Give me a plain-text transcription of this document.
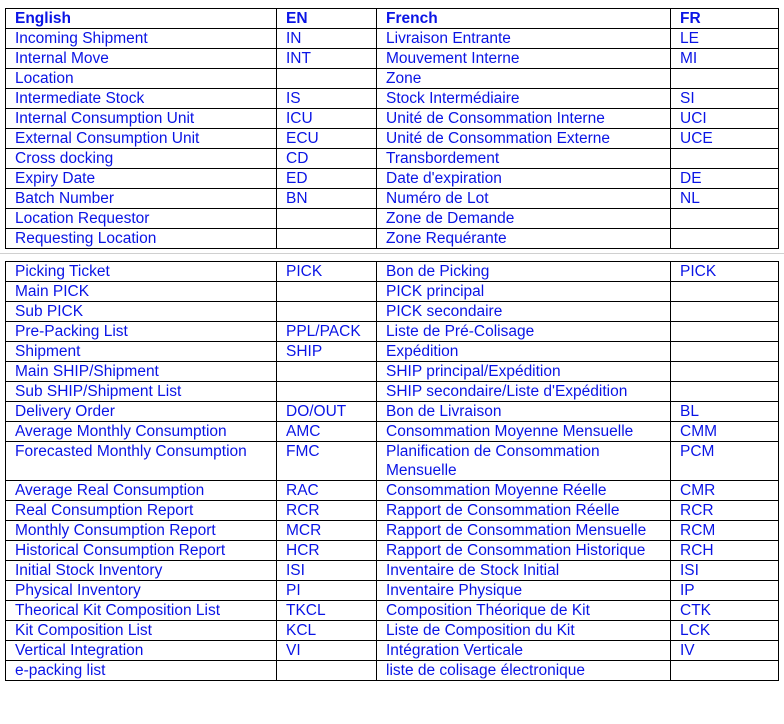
English	EN	French	FR
Incoming Shipment	IN	Livraison Entrante	LE
Internal Move	INT	Mouvement Interne	MI
Location		Zone	
Intermediate Stock	IS	Stock Intermédiaire	SI
Internal Consumption Unit	ICU	Unité de Consommation Interne	UCI
External Consumption Unit	ECU	Unité de Consommation Externe	UCE
Cross docking	CD	Transbordement	
Expiry Date	ED	Date d'expiration	DE
Batch Number	BN	Numéro de Lot	NL
Location Requestor		Zone de Demande	
Requesting Location		Zone Requérante	
Picking Ticket	PICK	Bon de Picking	PICK
Main PICK		PICK principal	
Sub PICK		PICK secondaire	
Pre-Packing List	PPL/PACK	Liste de Pré-Colisage	
Shipment	SHIP	Expédition	
Main SHIP/Shipment		SHIP principal/Expédition	
Sub SHIP/Shipment List		SHIP secondaire/Liste d'Expédition	
Delivery Order	DO/OUT	Bon de Livraison	BL
Average Monthly Consumption	AMC	Consommation Moyenne Mensuelle	CMM
Forecasted Monthly Consumption	FMC	Planification de Consommation Mensuelle	PCM
Average Real Consumption	RAC	Consommation Moyenne Réelle	CMR
Real Consumption Report	RCR	Rapport de Consommation Réelle	RCR
Monthly Consumption Report	MCR	Rapport de Consommation Mensuelle	RCM
Historical Consumption Report	HCR	Rapport de Consommation Historique	RCH
Initial Stock Inventory	ISI	Inventaire de Stock Initial	ISI
Physical Inventory	PI	Inventaire Physique	IP
Theorical Kit Composition List	TKCL	Composition Théorique de Kit	CTK
Kit Composition List	KCL	Liste de Composition du Kit	LCK
Vertical Integration	VI	Intégration Verticale	IV
e-packing list		liste de colisage électronique	
